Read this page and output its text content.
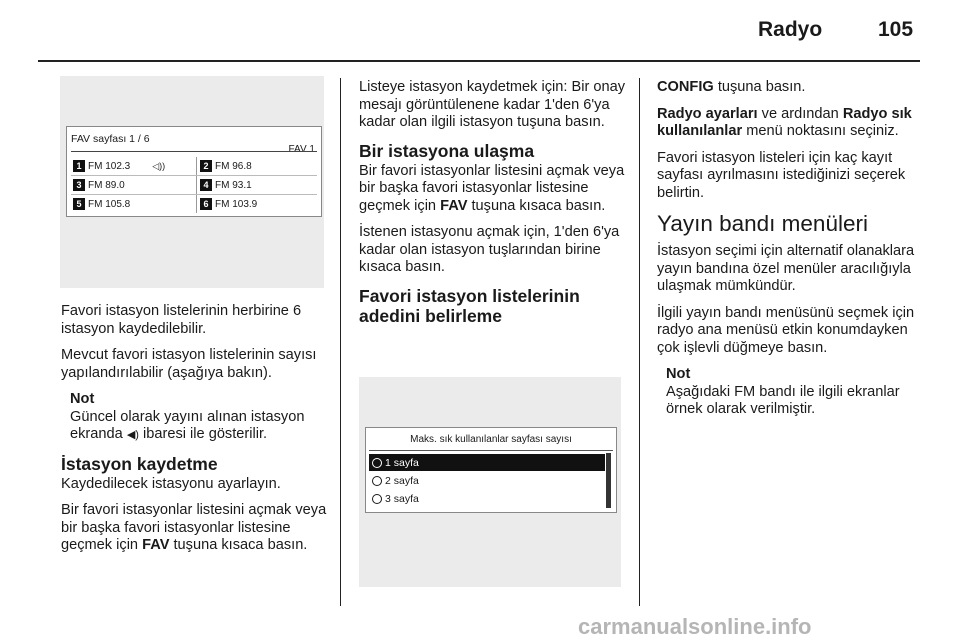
Radyo	105
FAV sayfası 1 / 6
FAV 1
1 FM 102.3 ◁))	2 FM 96.8
3 FM 89.0	4 FM 93.1
5 FM 105.8	6 FM 103.9

Favori istasyon listelerinin herbirine 6 istasyon kaydedilebilir.

Mevcut favori istasyon listelerinin sayısı yapılandırılabilir (aşağıya bakın).

Not

Güncel olarak yayını alınan istasyon ekranda ◀) ibaresi ile gösterilir.

İstasyon kaydetme

Kaydedilecek istasyonu ayarlayın.

Bir favori istasyonlar listesini açmak veya bir başka favori istasyonlar listesine geçmek için FAV tuşuna kısaca basın.

Listeye istasyon kaydetmek için: Bir onay mesajı görüntülenene kadar 1'den 6'ya kadar olan ilgili istasyon tuşuna basın.

Bir istasyona ulaşma

Bir favori istasyonlar listesini açmak veya bir başka favori istasyonlar listesine geçmek için FAV tuşuna kısaca basın.

İstenen istasyonu açmak için, 1'den 6'ya kadar olan istasyon tuşlarından birine kısaca basın.

Favori istasyon listelerinin adedini belirleme
Maks. sık kullanılanlar sayfası sayısı
1 sayfa
2 sayfa
3 sayfa

CONFIG tuşuna basın.

Radyo ayarları ve ardından Radyo sık kullanılanlar menü noktasını seçiniz.

Favori istasyon listeleri için kaç kayıt sayfası ayrılmasını istediğinizi seçerek belirtin.

Yayın bandı menüleri

İstasyon seçimi için alternatif olanaklara yayın bandına özel menüler aracılığıyla ulaşmak mümkündür.

İlgili yayın bandı menüsünü seçmek için radyo ana menüsü etkin konumdayken çok işlevli düğmeye basın.

Not

Aşağıdaki FM bandı ile ilgili ekranlar örnek olarak verilmiştir.

carmanualsonline.info
